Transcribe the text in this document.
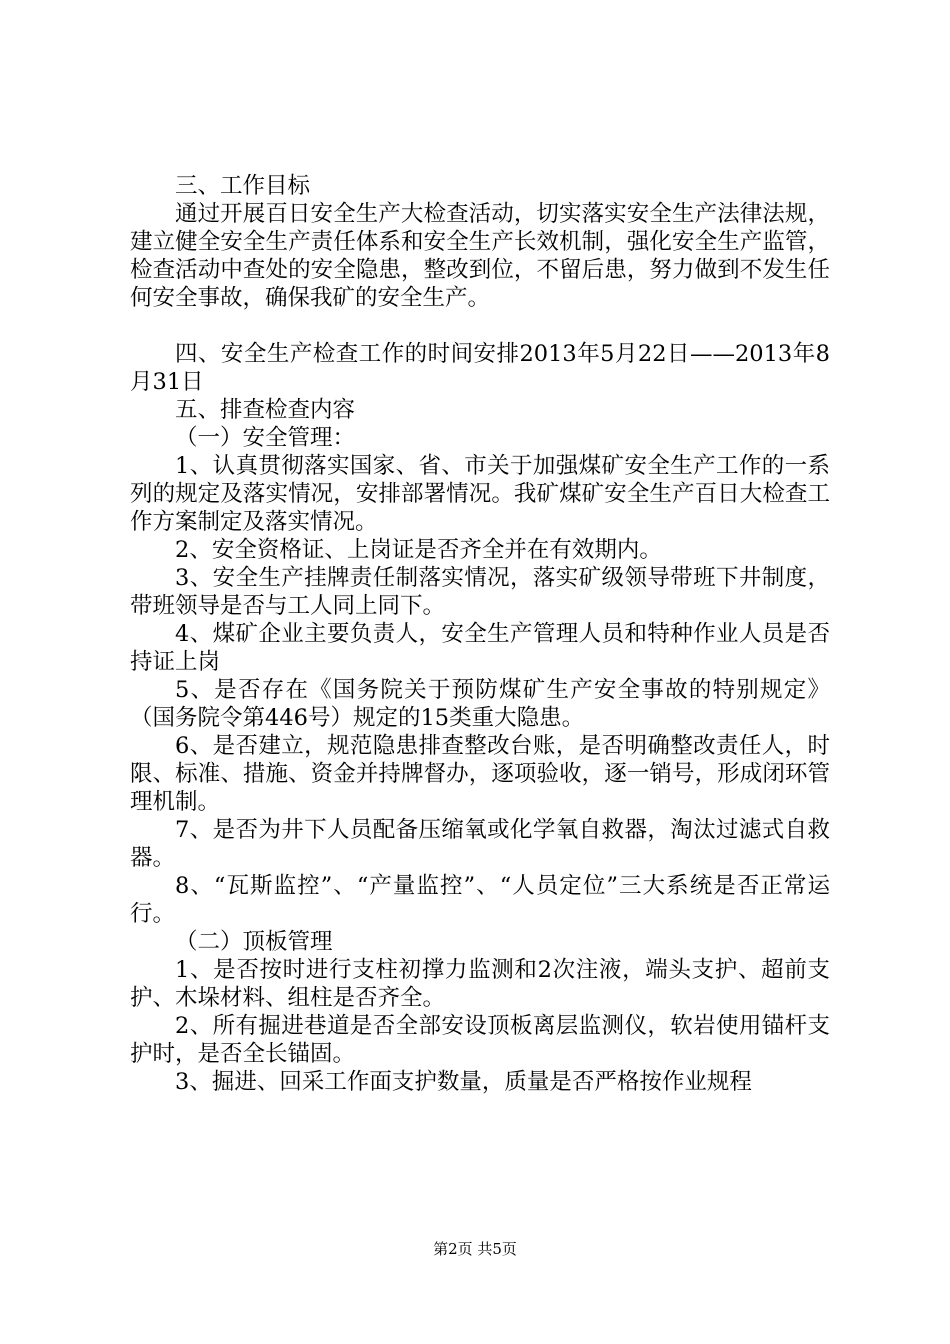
三、工作目标

通过开展百日安全生产大检查活动，切实落实安全生产法律法规，建立健全安全生产责任体系和安全生产长效机制，强化安全生产监管，检查活动中查处的安全隐患，整改到位，不留后患，努力做到不发生任何安全事故，确保我矿的安全生产。

四、安全生产检查工作的时间安排2013年5月22日——2013年8月31日

五、排查检查内容

（一）安全管理：

1、认真贯彻落实国家、省、市关于加强煤矿安全生产工作的一系列的规定及落实情况，安排部署情况。我矿煤矿安全生产百日大检查工作方案制定及落实情况。

2、安全资格证、上岗证是否齐全并在有效期内。

3、安全生产挂牌责任制落实情况，落实矿级领导带班下井制度，带班领导是否与工人同上同下。

4、煤矿企业主要负责人，安全生产管理人员和特种作业人员是否持证上岗

5、是否存在《国务院关于预防煤矿生产安全事故的特别规定》（国务院令第446号）规定的15类重大隐患。

6、是否建立，规范隐患排查整改台账，是否明确整改责任人，时限、标准、措施、资金并持牌督办，逐项验收，逐一销号，形成闭环管理机制。

7、是否为井下人员配备压缩氧或化学氧自救器，淘汰过滤式自救器。

8、“瓦斯监控”、“产量监控”、“人员定位”三大系统是否正常运行。

（二）顶板管理

1、是否按时进行支柱初撑力监测和2次注液，端头支护、超前支护、木垛材料、组柱是否齐全。

2、所有掘进巷道是否全部安设顶板离层监测仪，软岩使用锚杆支护时，是否全长锚固。

3、掘进、回采工作面支护数量，质量是否严格按作业规程

第2页 共5页
